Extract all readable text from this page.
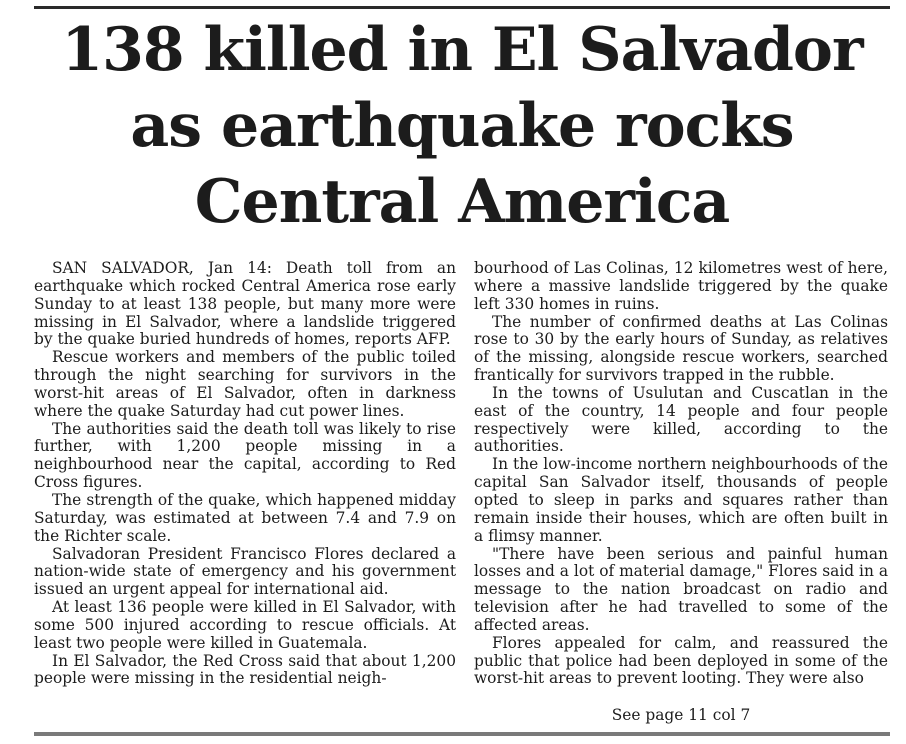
138 killed in El Salvador
as earthquake rocks
Central America

SAN SALVADOR, Jan 14: Death toll from an earthquake which rocked Central America rose early Sunday to at least 138 people, but many more were missing in El Salvador, where a landslide triggered by the quake buried hundreds of homes, reports AFP.

Rescue workers and members of the public toiled through the night searching for survivors in the worst-hit areas of El Salvador, often in darkness where the quake Saturday had cut power lines.

The authorities said the death toll was likely to rise further, with 1,200 people missing in a neighbourhood near the capital, according to Red Cross figures.

The strength of the quake, which happened midday Saturday, was estimated at between 7.4 and 7.9 on the Richter scale.

Salvadoran President Francisco Flores declared a nation-wide state of emergency and his government issued an urgent appeal for international aid.

At least 136 people were killed in El Salvador, with some 500 injured according to rescue officials. At least two people were killed in Guatemala.

In El Salvador, the Red Cross said that about 1,200 people were missing in the residential neigh-

bourhood of Las Colinas, 12 kilometres west of here, where a massive landslide triggered by the quake left 330 homes in ruins.

The number of confirmed deaths at Las Colinas rose to 30 by the early hours of Sunday, as relatives of the missing, alongside rescue workers, searched frantically for survivors trapped in the rubble.

In the towns of Usulutan and Cuscatlan in the east of the country, 14 people and four people respectively were killed, according to the authorities.

In the low-income northern neighbourhoods of the capital San Salvador itself, thousands of people opted to sleep in parks and squares rather than remain inside their houses, which are often built in a flimsy manner.

"There have been serious and painful human losses and a lot of material damage," Flores said in a message to the nation broadcast on radio and television after he had travelled to some of the affected areas.

Flores appealed for calm, and reassured the public that police had been deployed in some of the worst-hit areas to prevent looting. They were also

See page 11 col 7
